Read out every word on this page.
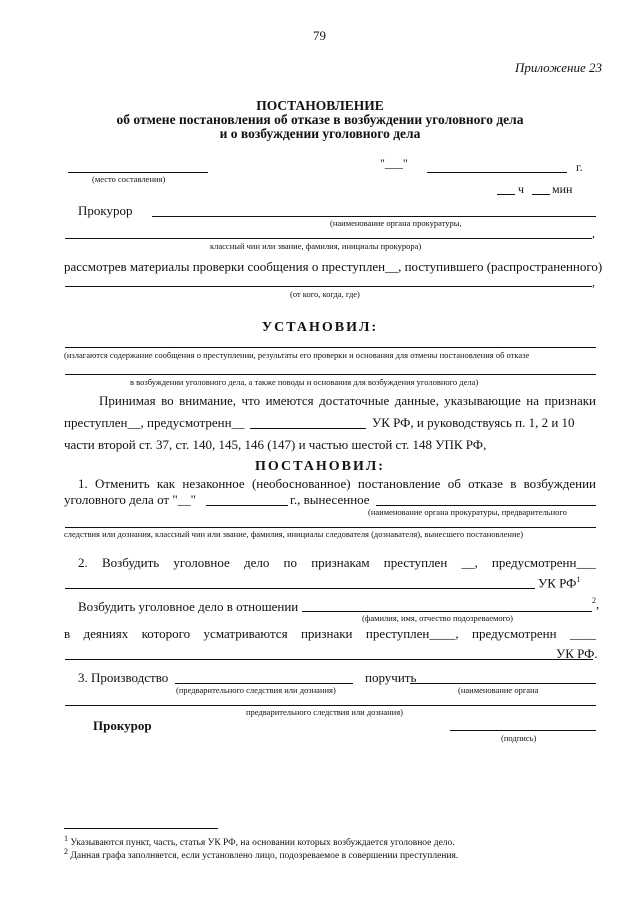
79
Приложение 23
ПОСТАНОВЛЕНИЕ
об отмене постановления об отказе в возбуждении уголовного дела
и о возбуждении уголовного дела
(место составления)
"___"	г.
ч мин
Прокурор
(наименование органа прокуратуры,
,
классный чин или звание, фамилия, инициалы прокурора)
рассмотрев материалы проверки сообщения о преступлен__, поступившего (распространенного)
,
(от кого, когда, где)
УСТАНОВИЛ:
(излагаются содержание сообщения о преступлении, результаты его проверки и основания для отмены постановления об отказе
в возбуждении уголовного дела, а также поводы и основания для возбуждения уголовного дела)
Принимая во внимание, что имеются достаточные данные, указывающие на признаки
преступлен__, предусмотренн__	УК РФ, и руководствуясь п. 1, 2 и 10
части второй ст. 37, ст. 140, 145, 146 (147) и частью шестой ст. 148 УПК РФ,
ПОСТАНОВИЛ:
1. Отменить как незаконное (необоснованное) постановление об отказе в возбуждении
уголовного дела от "__"	г., вынесенное
(наименование органа прокуратуры, предварительного
следствия или дознания, классный чин или звание, фамилия, инициалы следователя (дознавателя), вынесшего постановление)
2. Возбудить уголовное дело по признакам преступлен __, предусмотренн___
УК $РФ^1$
Возбудить уголовное дело в отношении	$^2$,
(фамилия, имя, отчество подозреваемого)
в деяниях которого усматриваются признаки преступлен____, предусмотренн ____
УК РФ.
3. Производство
(предварительного следствия или дознания)
поручить
(наименование органа
предварительного следствия или дознания)
Прокурор
(подпись)
$^1$ Указываются пункт, часть, статья УК РФ, на основании которых возбуждается уголовное дело.
$^2$ Данная графа заполняется, если установлено лицо, подозреваемое в совершении преступления.
